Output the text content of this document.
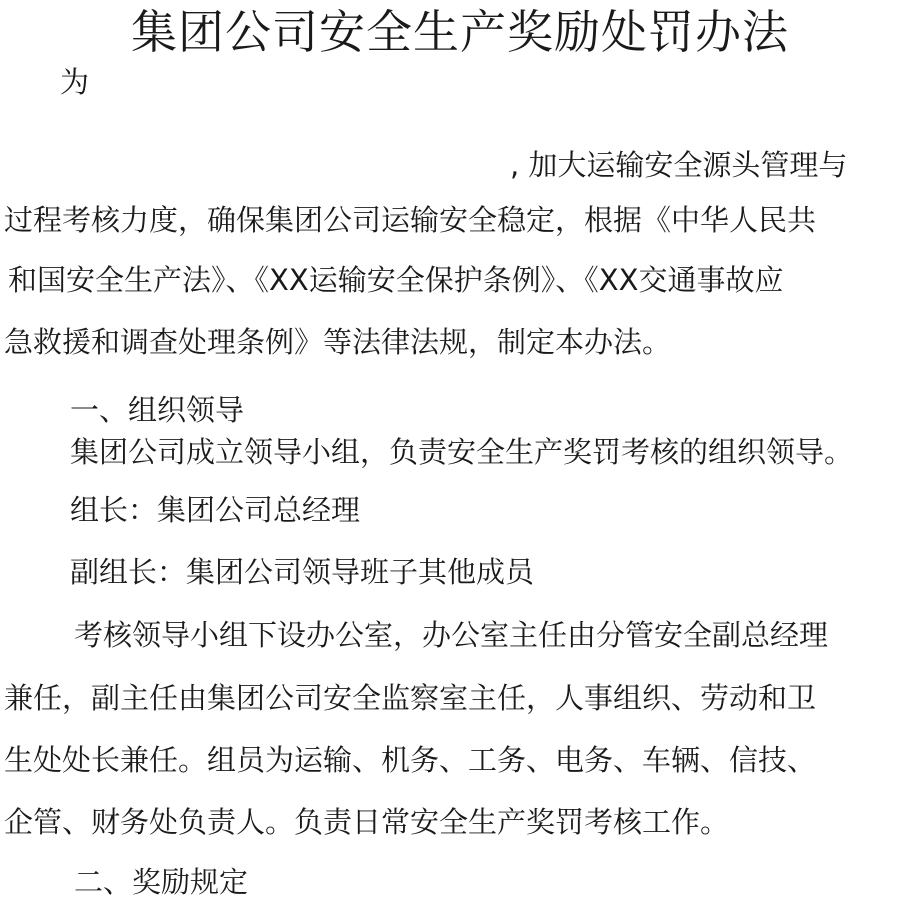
集团公司安全生产奖励处罚办法
为
, 加大运输安全源头管理与
过程考核力度，确保集团公司运输安全稳定，根据《中华人民共
和国安全生产法》、《XX运输安全保护条例》、《XX交通事故应
急救援和调查处理条例》等法律法规，制定本办法。
一、组织领导
集团公司成立领导小组，负责安全生产奖罚考核的组织领导。
组长：集团公司总经理
副组长：集团公司领导班子其他成员
考核领导小组下设办公室，办公室主任由分管安全副总经理
兼任，副主任由集团公司安全监察室主任，人事组织、劳动和卫
生处处长兼任。组员为运输、机务、工务、电务、车辆、信技、
企管、财务处负责人。负责日常安全生产奖罚考核工作。
二、奖励规定
